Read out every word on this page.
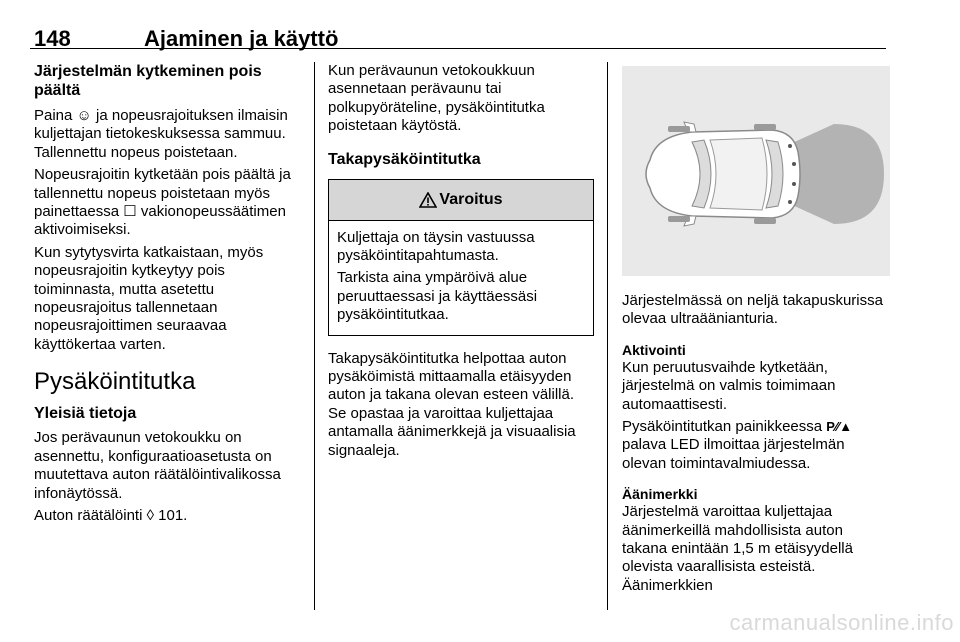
148	Ajaminen ja käyttö
Järjestelmän kytkeminen pois päältä
Paina ☺ ja nopeusrajoituksen ilmaisin kuljettajan tietokeskuksessa sammuu. Tallennettu nopeus poistetaan.
Nopeusrajoitin kytketään pois päältä ja tallennettu nopeus poistetaan myös painettaessa ☐ vakionopeussäätimen aktivoimiseksi.
Kun sytytysvirta katkaistaan, myös nopeusrajoitin kytkeytyy pois toiminnasta, mutta asetettu nopeusrajoitus tallennetaan nopeusrajoittimen seuraavaa käyttökertaa varten.
Pysäköintitutka
Yleisiä tietoja
Jos perävaunun vetokoukku on asennettu, konfiguraatioasetusta on muutettava auton räätälöintivalikossa infonäytössä.
Auton räätälöinti ◊ 101.
Kun perävaunun vetokoukkuun asennetaan perävaunu tai polkupyöräteline, pysäköintitutka poistetaan käytöstä.
Takapysäköintitutka
Varoitus
Kuljettaja on täysin vastuussa pysäköintitapahtumasta.
Tarkista aina ympäröivä alue peruuttaessasi ja käyttäessäsi pysäköintitutkaa.
Takapysäköintitutka helpottaa auton pysäköimistä mittaamalla etäisyyden auton ja takana olevan esteen välillä. Se opastaa ja varoittaa kuljettajaa antamalla äänimerkkejä ja visuaalisia signaaleja.
Järjestelmässä on neljä takapuskurissa olevaa ultraäänianturia.
Aktivointi
Kun peruutusvaihde kytketään, järjestelmä on valmis toimimaan automaattisesti.
Pysäköintitutkan painikkeessa P⁄⁄▲ palava LED ilmoittaa järjestelmän olevan toimintavalmiudessa.
Äänimerkki
Järjestelmä varoittaa kuljettajaa äänimerkeillä mahdollisista auton takana enintään 1,5 m etäisyydellä olevista vaarallisista esteistä. Äänimerkkien
carmanualsonline.info
